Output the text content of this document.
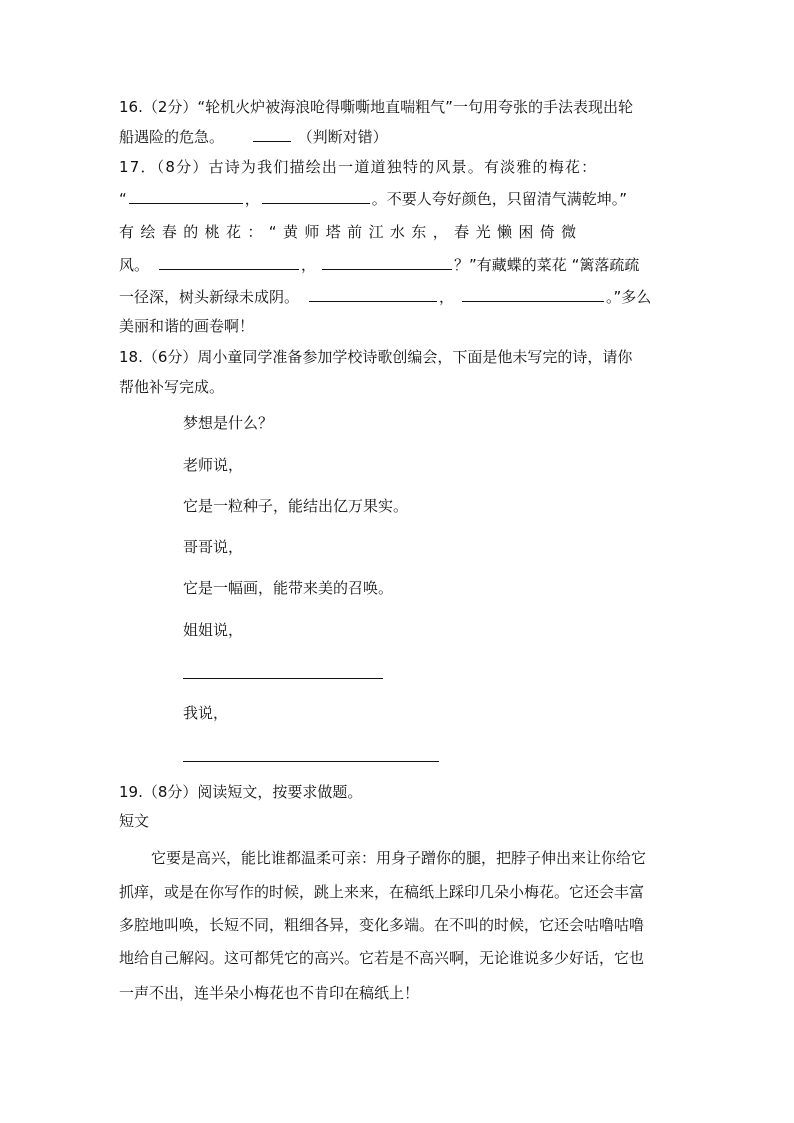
16.（2分）“轮机火炉被海浪呛得嘶嘶地直喘粗气”一句用夸张的手法表现出轮
船遇险的危急。	（判断对错）
17．（8分）古诗为我们描绘出一道道独特的风景。有淡雅的梅花：
“	，	。不要人夸好颜色，只留清气满乾坤。”
有绘春的桃花：“黄师塔前江水东，春光懒困倚微
风。	，	？”有藏蝶的菜花 “篱落疏疏
一径深，树头新绿未成阴。	，	。”多么
美丽和谐的画卷啊！
18.（6分）周小童同学准备参加学校诗歌创编会，下面是他未写完的诗，请你
帮他补写完成。
梦想是什么？
老师说，
它是一粒种子，能结出亿万果实。
哥哥说，
它是一幅画，能带来美的召唤。
姐姐说，
我说，
19.（8分）阅读短文，按要求做题。
短文
它要是高兴，能比谁都温柔可亲：用身子蹭你的腿，把脖子伸出来让你给它
抓痒，或是在你写作的时候，跳上来来，在稿纸上踩印几朵小梅花。它还会丰富
多腔地叫唤，长短不同，粗细各异，变化多端。在不叫的时候，它还会咕噜咕噜
地给自己解闷。这可都凭它的高兴。它若是不高兴啊，无论谁说多少好话，它也
一声不出，连半朵小梅花也不肯印在稿纸上！
